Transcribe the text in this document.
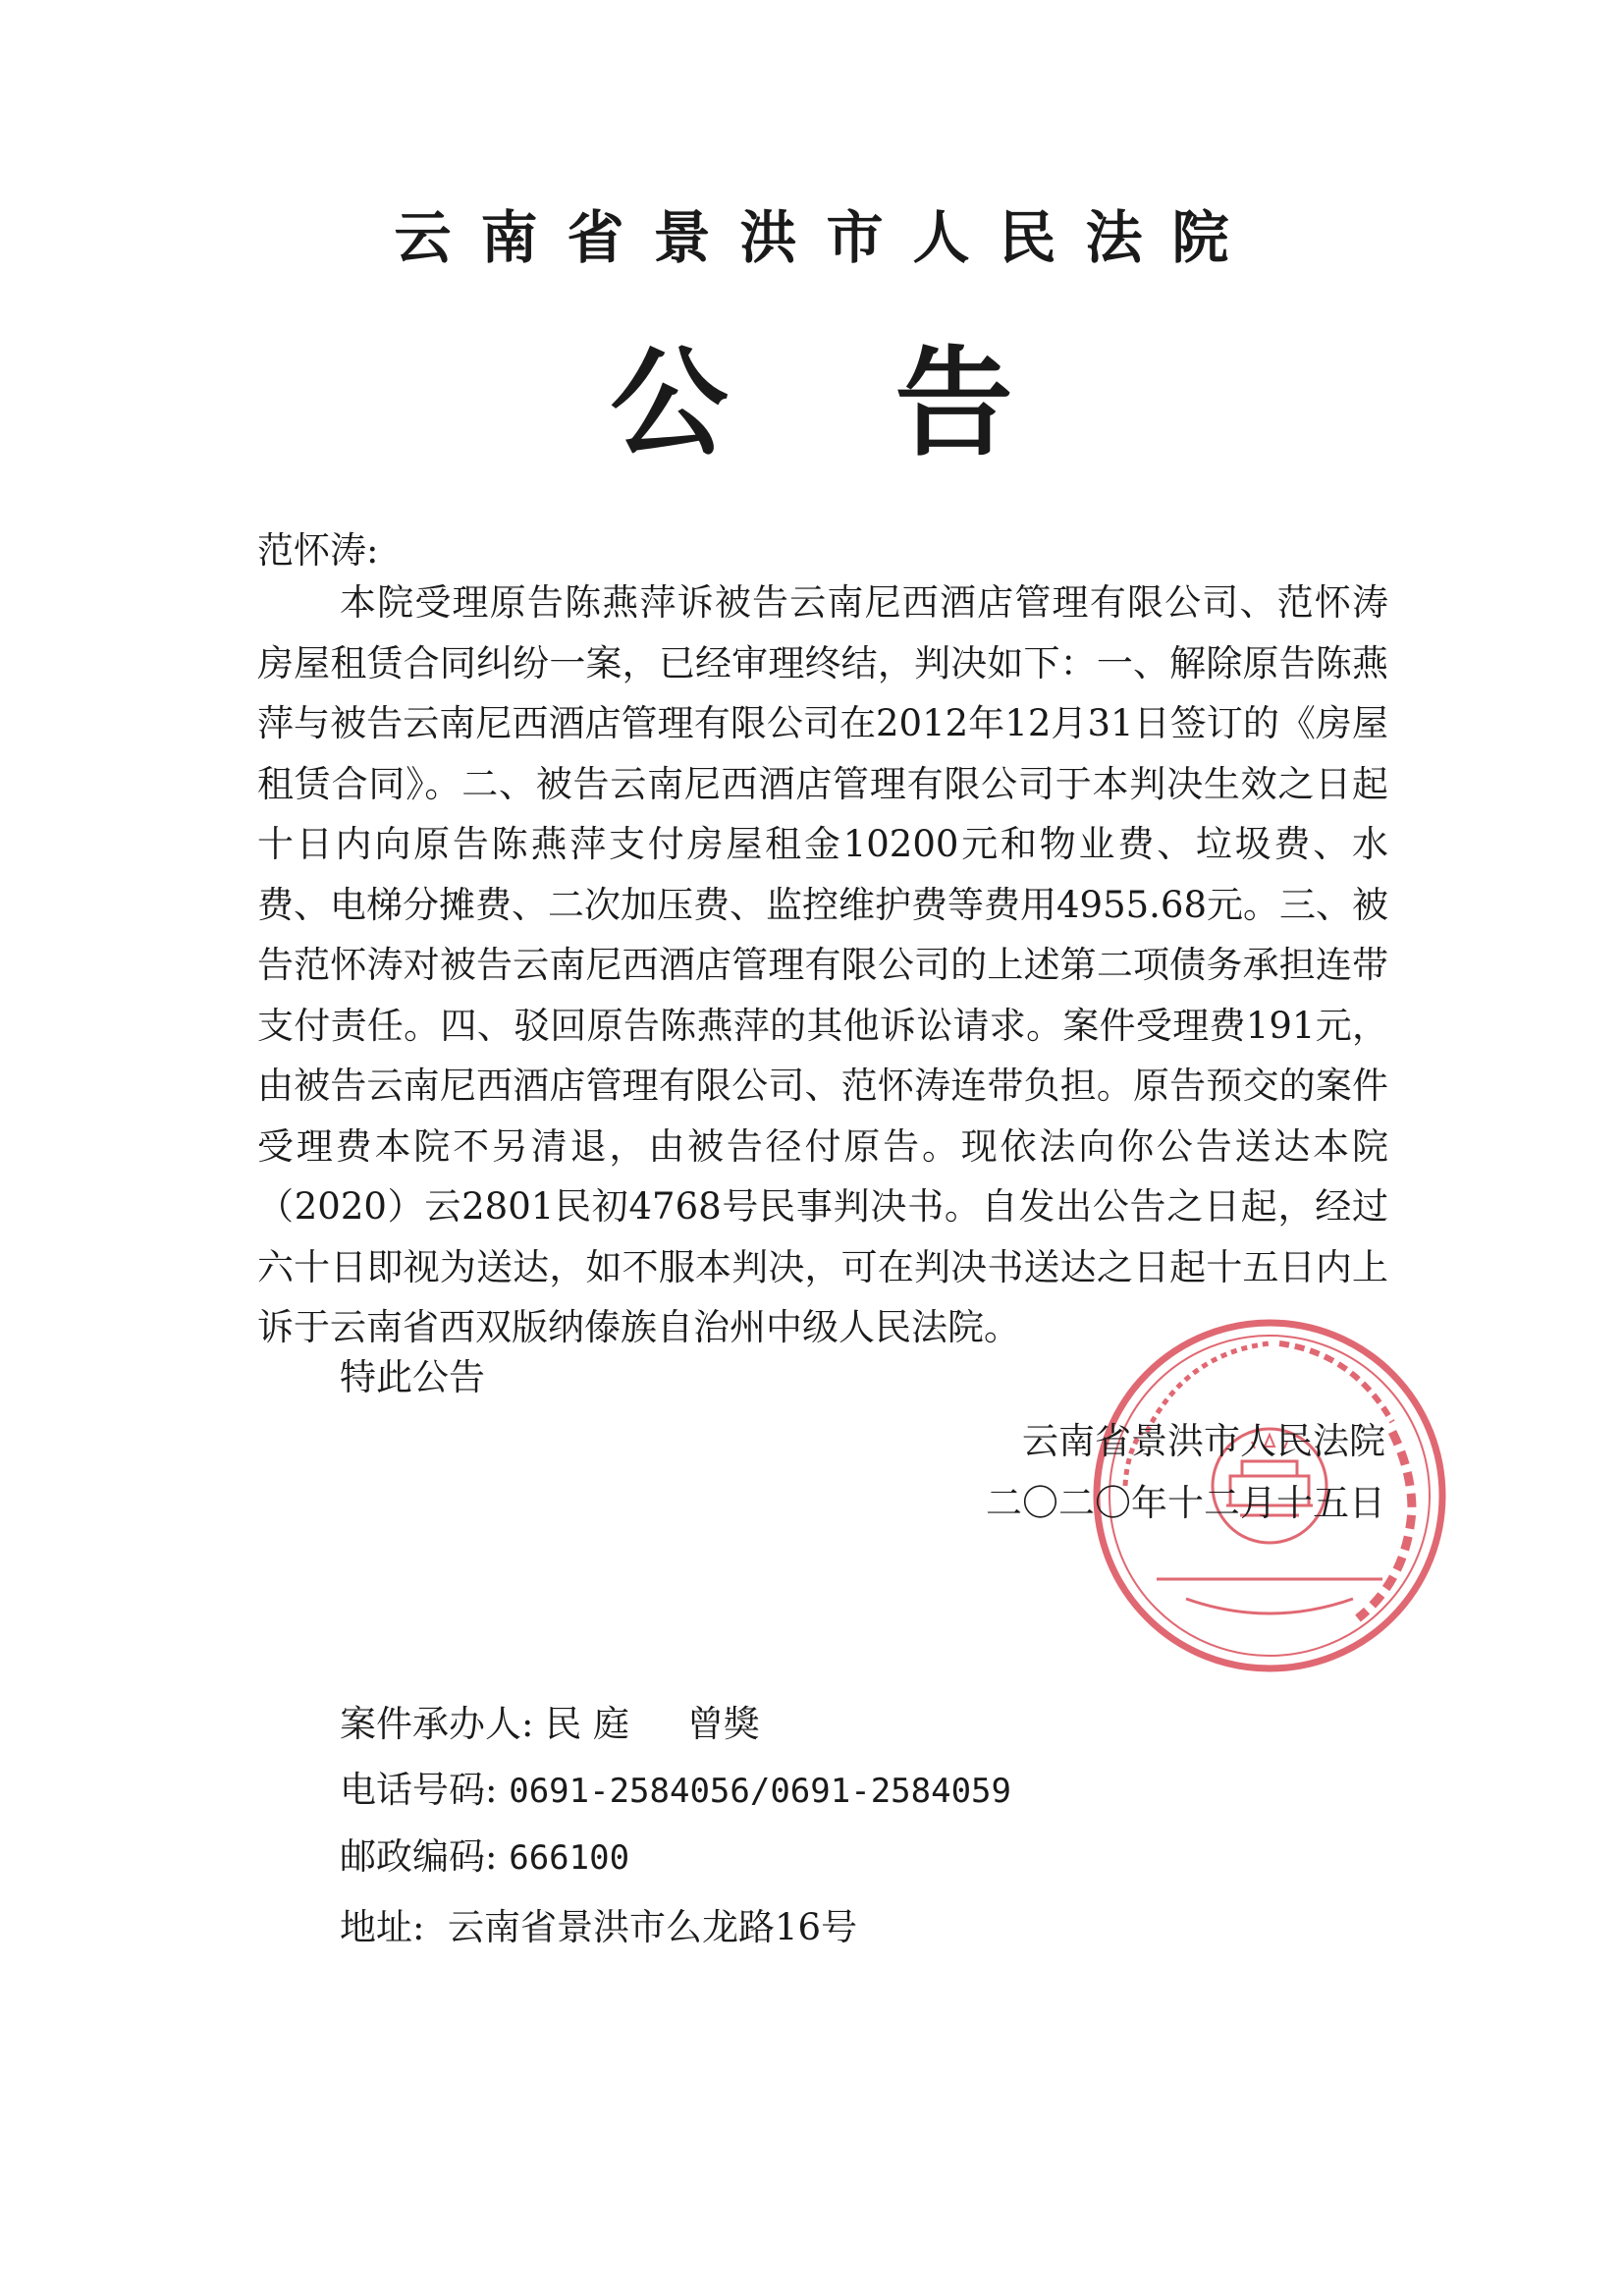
云南省景洪市人民法院
公告
范怀涛:

本院受理原告陈燕萍诉被告云南尼西酒店管理有限公司、范怀涛房屋租赁合同纠纷一案，已经审理终结，判决如下：一、解除原告陈燕萍与被告云南尼西酒店管理有限公司在2012年12月31日签订的《房屋租赁合同》。二、被告云南尼西酒店管理有限公司于本判决生效之日起十日内向原告陈燕萍支付房屋租金10200元和物业费、垃圾费、水费、电梯分摊费、二次加压费、监控维护费等费用4955.68元。三、被告范怀涛对被告云南尼西酒店管理有限公司的上述第二项债务承担连带支付责任。四、驳回原告陈燕萍的其他诉讼请求。案件受理费191元，由被告云南尼西酒店管理有限公司、范怀涛连带负担。原告预交的案件受理费本院不另清退，由被告径付原告。现依法向你公告送达本院（2020）云2801民初4768号民事判决书。自发出公告之日起，经过六十日即视为送达，如不服本判决，可在判决书送达之日起十五日内上诉于云南省西双版纳傣族自治州中级人民法院。

特此公告
云南省景洪市人民法院
二〇二〇年十二月十五日
案件承办人: 民 庭 曾獎
电话号码: 0691-2584056/0691-2584059
邮政编码: 666100
地址: 云南省景洪市么龙路16号
